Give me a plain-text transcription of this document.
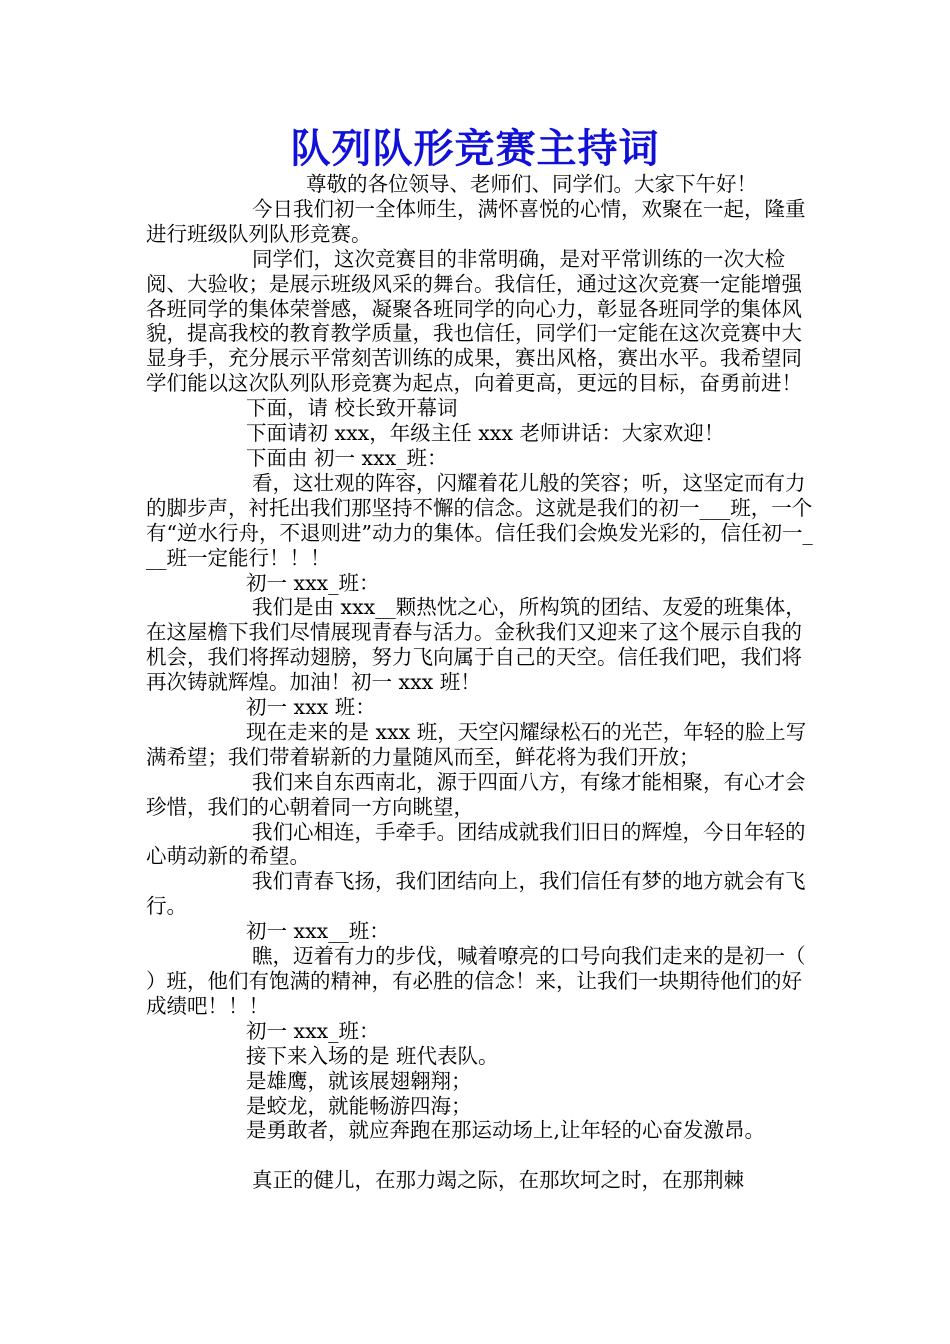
队列队形竞赛主持词

尊敬的各位领导、老师们、同学们。大家下午好！

今日我们初一全体师生，满怀喜悦的心情，欢聚在一起，隆重进行班级队列队形竞赛。

同学们，这次竞赛目的非常明确，是对平常训练的一次大检阅、大验收；是展示班级风采的舞台。我信任，通过这次竞赛一定能增强各班同学的集体荣誉感，凝聚各班同学的向心力，彰显各班同学的集体风貌，提高我校的教育教学质量，我也信任，同学们一定能在这次竞赛中大显身手，充分展示平常刻苦训练的成果，赛出风格，赛出水平。我希望同学们能以这次队列队形竞赛为起点，向着更高，更远的目标，奋勇前进！

下面，请 校长致开幕词

下面请初 xxx，年级主任 xxx 老师讲话：大家欢迎！

下面由 初一 xxx_班：

看，这壮观的阵容，闪耀着花儿般的笑容；听，这坚定而有力的脚步声，衬托出我们那坚持不懈的信念。这就是我们的初一___班，一个有“逆水行舟，不退则进”动力的集体。信任我们会焕发光彩的，信任初一___班一定能行！！！

初一 xxx_班：

我们是由 xxx__颗热忱之心，所构筑的团结、友爱的班集体，在这屋檐下我们尽情展现青春与活力。金秋我们又迎来了这个展示自我的机会，我们将挥动翅膀，努力飞向属于自己的天空。信任我们吧，我们将再次铸就辉煌。加油！初一 xxx 班！

初一 xxx 班：

现在走来的是 xxx 班，天空闪耀绿松石的光芒，年轻的脸上写满希望；我们带着崭新的力量随风而至，鲜花将为我们开放；

我们来自东西南北，源于四面八方，有缘才能相聚，有心才会珍惜，我们的心朝着同一方向眺望，

我们心相连，手牵手。团结成就我们旧日的辉煌，今日年轻的心萌动新的希望。

我们青春飞扬，我们团结向上，我们信任有梦的地方就会有飞行。

初一 xxx__班：

瞧，迈着有力的步伐，喊着嘹亮的口号向我们走来的是初一（ ）班，他们有饱满的精神，有必胜的信念！来，让我们一块期待他们的好成绩吧！！！

初一 xxx_班：

接下来入场的是 班代表队。

是雄鹰，就该展翅翱翔；

是蛟龙，就能畅游四海；

是勇敢者，就应奔跑在那运动场上,让年轻的心奋发激昂。

真正的健儿，在那力竭之际，在那坎坷之时，在那荆棘
